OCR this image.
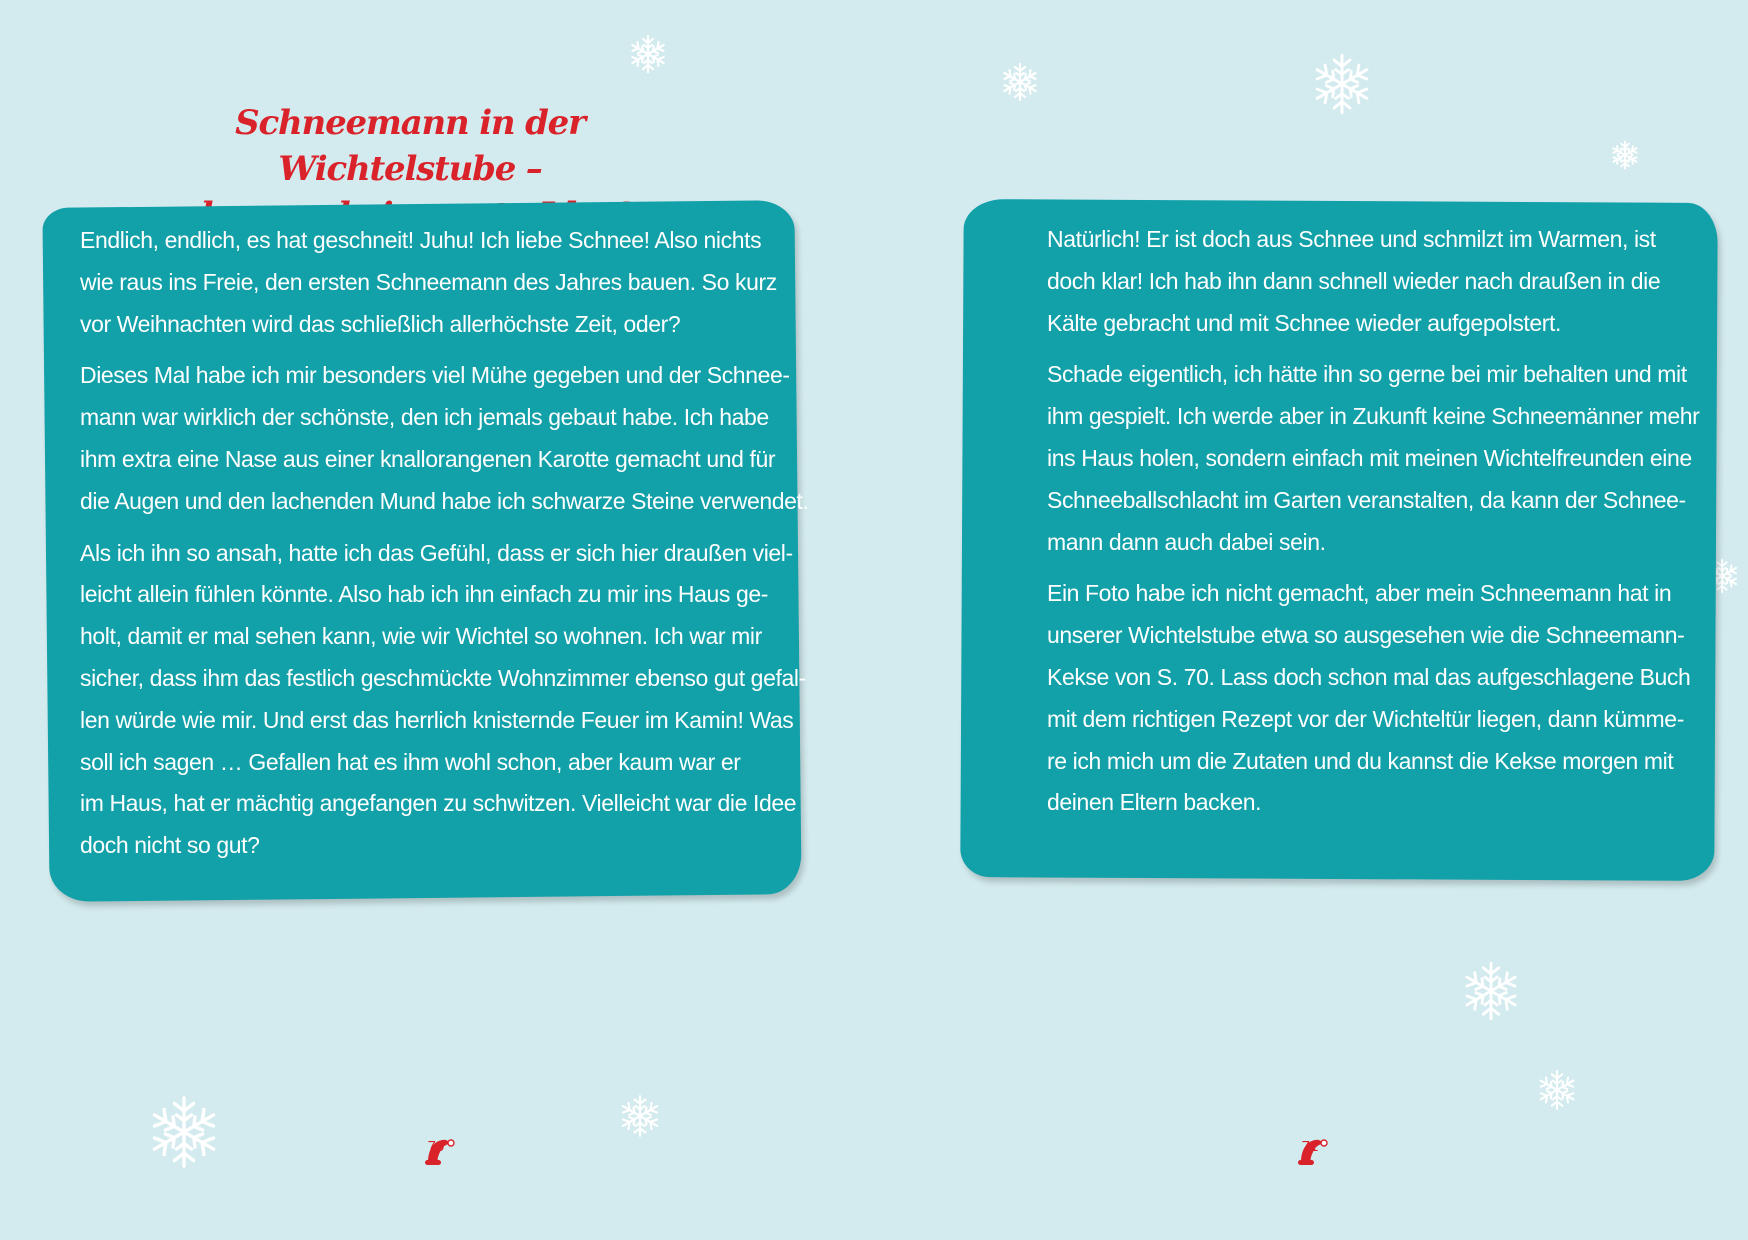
Schneemann in der Wichtelstube –

Endlich, endlich, es hat geschneit! Juhu! Ich liebe Schnee! Also nichts
wie raus ins Freie, den ersten Schneemann des Jahres bauen. So kurz
vor Weihnachten wird das schließlich allerhöchste Zeit, oder?

Dieses Mal habe ich mir besonders viel Mühe gegeben und der Schnee-
mann war wirklich der schönste, den ich jemals gebaut habe. Ich habe
ihm extra eine Nase aus einer knallorangenen Karotte gemacht und für
die Augen und den lachenden Mund habe ich schwarze Steine verwendet.

Als ich ihn so ansah, hatte ich das Gefühl, dass er sich hier draußen viel-
leicht allein fühlen könnte. Also hab ich ihn einfach zu mir ins Haus ge-
holt, damit er mal sehen kann, wie wir Wichtel so wohnen. Ich war mir
sicher, dass ihm das festlich geschmückte Wohnzimmer ebenso gut gefal-
len würde wie mir. Und erst das herrlich knisternde Feuer im Kamin! Was
soll ich sagen … Gefallen hat es ihm wohl schon, aber kaum war er
im Haus, hat er mächtig angefangen zu schwitzen. Vielleicht war die Idee
doch nicht so gut?

Natürlich! Er ist doch aus Schnee und schmilzt im Warmen, ist
doch klar! Ich hab ihn dann schnell wieder nach draußen in die
Kälte gebracht und mit Schnee wieder aufgepolstert.

Schade eigentlich, ich hätte ihn so gerne bei mir behalten und mit
ihm gespielt. Ich werde aber in Zukunft keine Schneemänner mehr
ins Haus holen, sondern einfach mit meinen Wichtelfreunden eine
Schneeballschlacht im Garten veranstalten, da kann der Schnee-
mann dann auch dabei sein.

Ein Foto habe ich nicht gemacht, aber mein Schneemann hat in
unserer Wichtelstube etwa so ausgesehen wie die Schneemann-
Kekse von S. 70. Lass doch schon mal das aufgeschlagene Buch
mit dem richtigen Rezept vor der Wichteltür liegen, dann kümme-
re ich mich um die Zutaten und du kannst die Kekse morgen mit
deinen Eltern backen.

70	71
